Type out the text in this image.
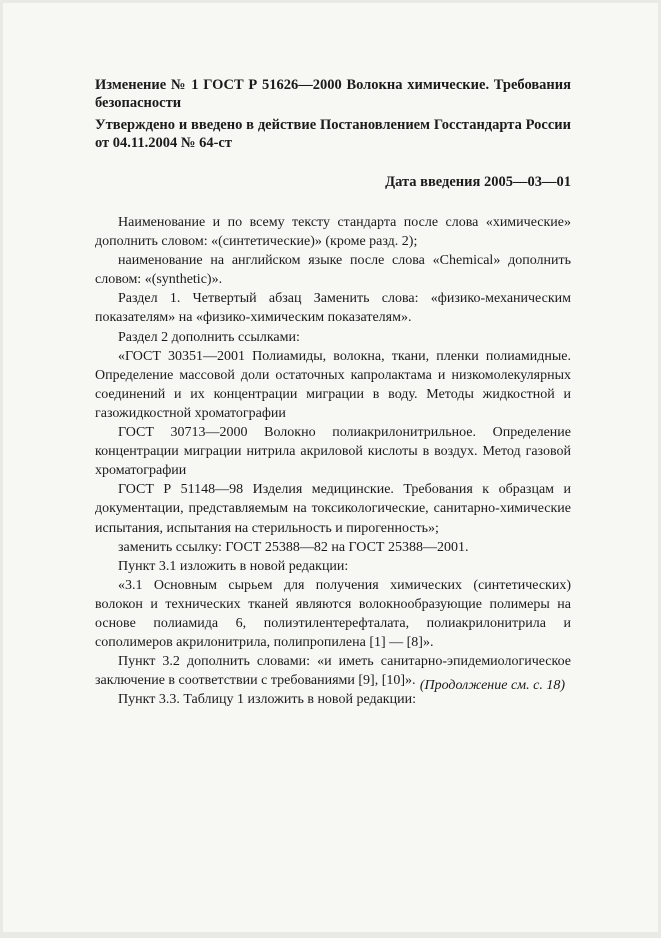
Изменение № 1 ГОСТ Р 51626—2000 Волокна химические. Требования безопасности
Утверждено и введено в действие Постановлением Госстандарта России от 04.11.2004 № 64-ст
Дата введения 2005—03—01

Наименование и по всему тексту стандарта после слова «химические» дополнить словом: «(синтетические)» (кроме разд. 2);

наименование на английском языке после слова «Chemical» дополнить словом: «(synthetic)».

Раздел 1. Четвертый абзац Заменить слова: «физико-механическим показателям» на «физико-химическим показателям».

Раздел 2 дополнить ссылками:

«ГОСТ 30351—2001 Полиамиды, волокна, ткани, пленки полиамидные. Определение массовой доли остаточных капролактама и низкомолекулярных соединений и их концентрации миграции в воду. Методы жидкостной и газожидкостной хроматографии

ГОСТ 30713—2000 Волокно полиакрилонитрильное. Определение концентрации миграции нитрила акриловой кислоты в воздух. Метод газовой хроматографии

ГОСТ Р 51148—98 Изделия медицинские. Требования к образцам и документации, представляемым на токсикологические, санитарно-химические испытания, испытания на стерильность и пирогенность»;

заменить ссылку: ГОСТ 25388—82 на ГОСТ 25388—2001.

Пункт 3.1 изложить в новой редакции:

«3.1 Основным сырьем для получения химических (синтетических) волокон и технических тканей являются волокнообразующие полимеры на основе полиамида 6, полиэтилентерефталата, полиакрилонитрила и сополимеров акрилонитрила, полипропилена [1] — [8]».

Пункт 3.2 дополнить словами: «и иметь санитарно-эпидемиологическое заключение в соответствии с требованиями [9], [10]».

Пункт 3.3. Таблицу 1 изложить в новой редакции:

(Продолжение см. с. 18)
